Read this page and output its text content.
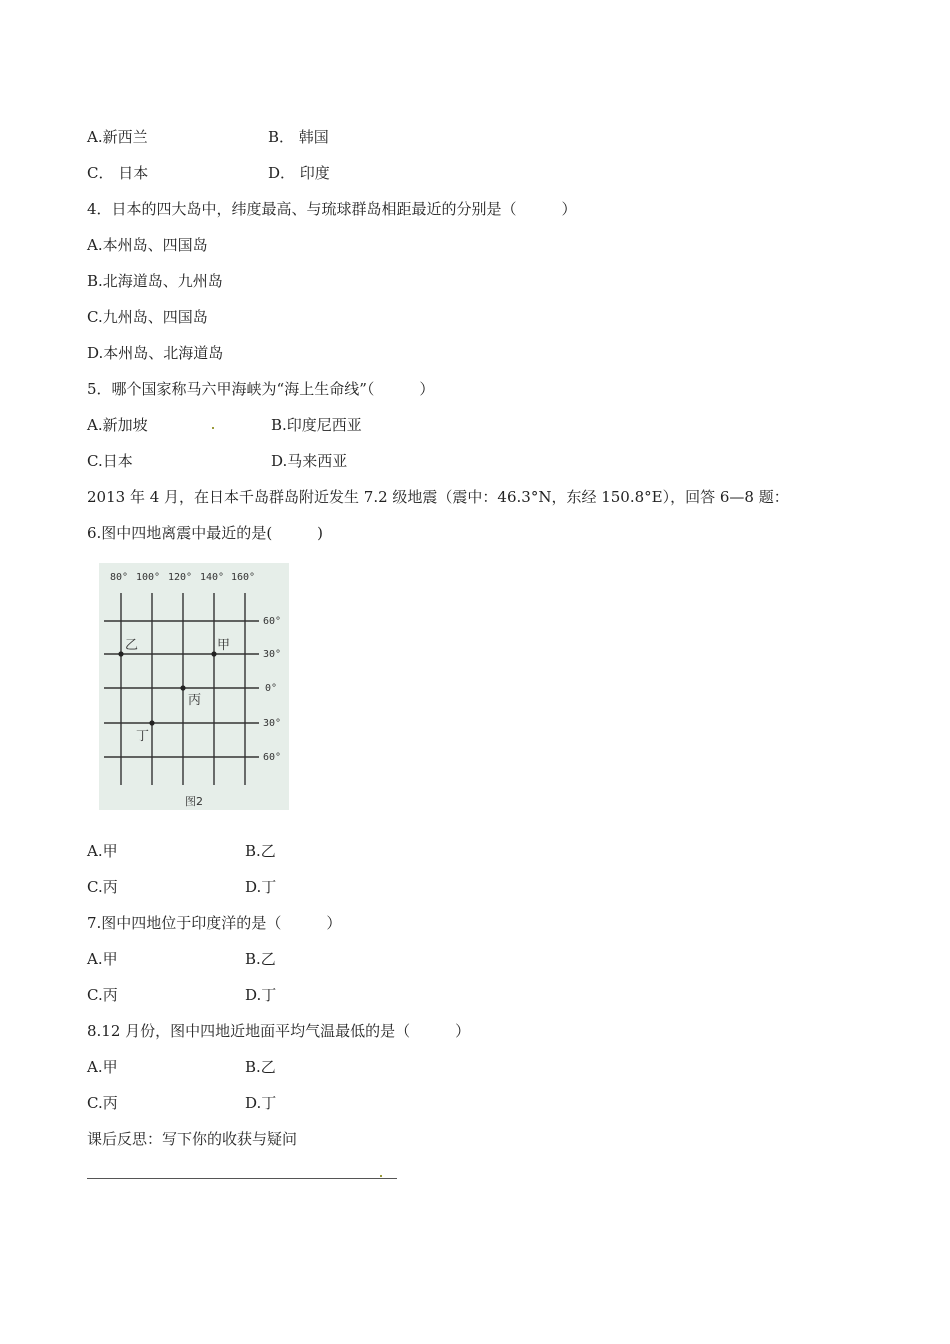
A.新西兰	B． 韩国
C． 日本	D． 印度
4．日本的四大岛中，纬度最高、与琉球群岛相距最近的分别是（　　　）
A.本州岛、四国岛
B.北海道岛、九州岛
C.九州岛、四国岛
D.本州岛、北海道岛
5．哪个国家称马六甲海峡为“海上生命线”（　　　）
A.新加坡	B.印度尼西亚
C.日本	D.马来西亚
2013 年 4 月，在日本千岛群岛附近发生 7.2 级地震（震中：46.3°N，东经 150.8°E），回答 6—8 题：
6.图中四地离震中最近的是(　　　)
80° 100° 120° 140° 160°
60°
30°
0°
30°
60°
甲
乙
丙
丁
图2
A.甲	B.乙
C.丙	D.丁
7.图中四地位于印度洋的是（　　　）
A.甲	B.乙
C.丙	D.丁
8.12 月份，图中四地近地面平均气温最低的是（　　　）
A.甲	B.乙
C.丙	D.丁
课后反思：写下你的收获与疑问
